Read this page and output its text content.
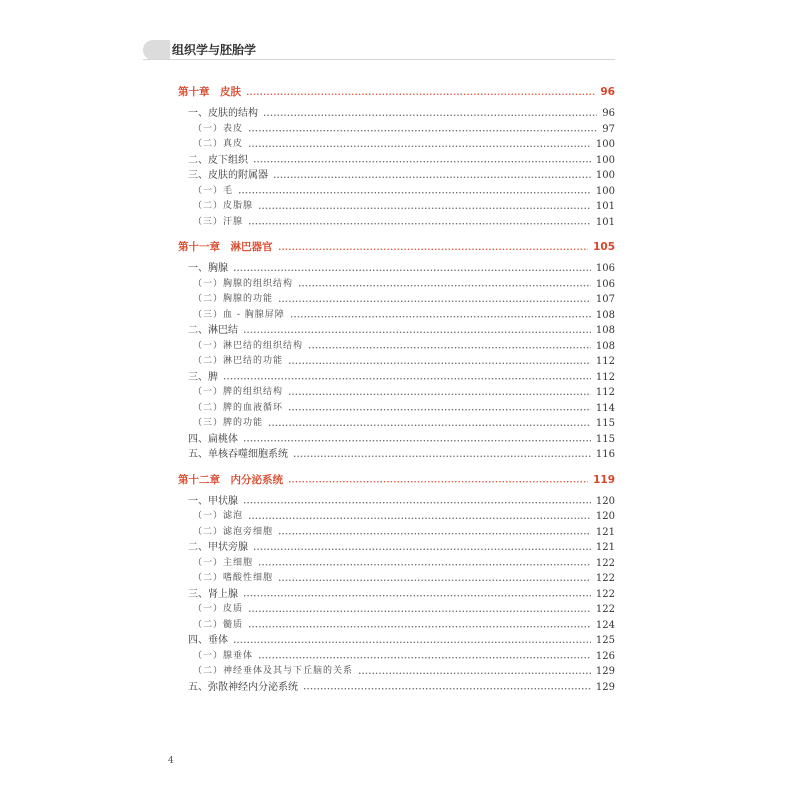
组织学与胚胎学
第十章　皮肤	96
一、皮肤的结构	96
（一）表皮	97
（二）真皮	100
二、皮下组织	100
三、皮肤的附属器	100
（一）毛	100
（二）皮脂腺	101
（三）汗腺	101
第十一章　淋巴器官	105
一、胸腺	106
（一）胸腺的组织结构	106
（二）胸腺的功能	107
（三）血 - 胸腺屏障	108
二、淋巴结	108
（一）淋巴结的组织结构	108
（二）淋巴结的功能	112
三、脾	112
（一）脾的组织结构	112
（二）脾的血液循环	114
（三）脾的功能	115
四、扁桃体	115
五、单核吞噬细胞系统	116
第十二章　内分泌系统	119
一、甲状腺	120
（一）滤泡	120
（二）滤泡旁细胞	121
二、甲状旁腺	121
（一）主细胞	122
（二）嗜酸性细胞	122
三、肾上腺	122
（一）皮质	122
（二）髓质	124
四、垂体	125
（一）腺垂体	126
（二）神经垂体及其与下丘脑的关系	129
五、弥散神经内分泌系统	129
4
